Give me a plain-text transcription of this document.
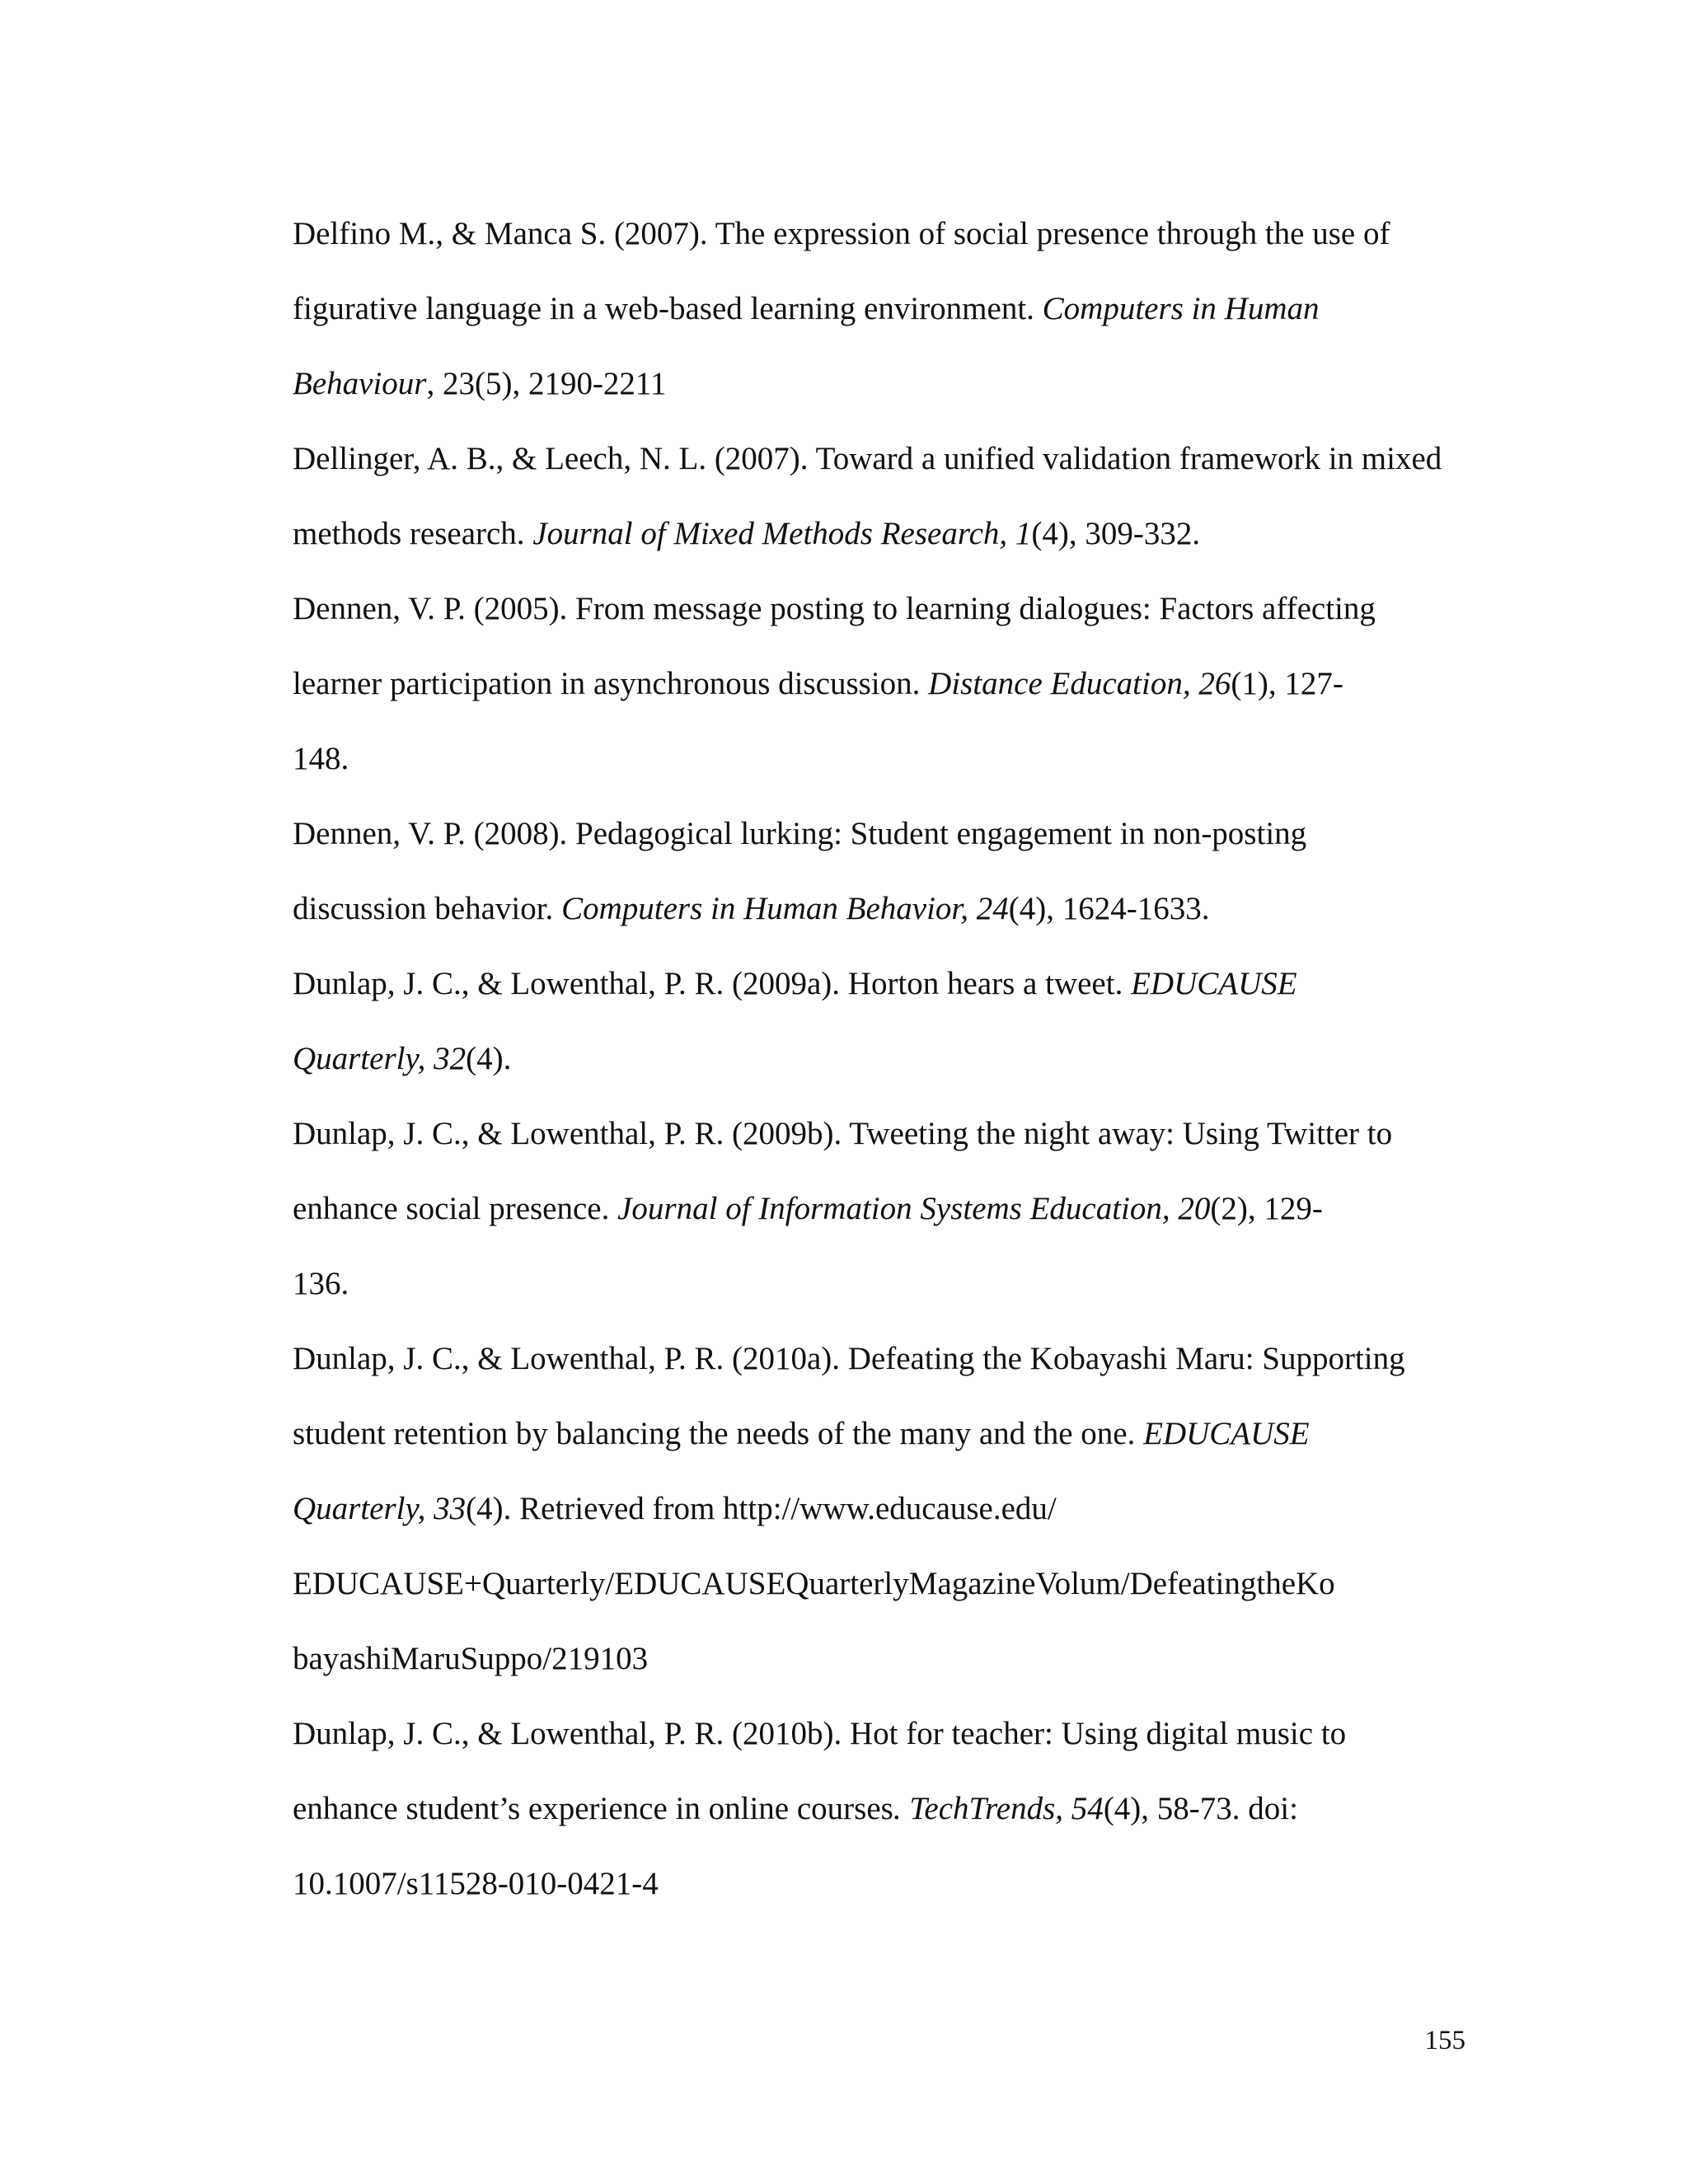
Delfino M., & Manca S. (2007). The expression of social presence through the use of
figurative language in a web-based learning environment. Computers in Human
Behaviour, 23(5), 2190-2211
Dellinger, A. B., & Leech, N. L. (2007). Toward a unified validation framework in mixed
methods research. Journal of Mixed Methods Research, 1(4), 309-332.
Dennen, V. P. (2005). From message posting to learning dialogues: Factors affecting
learner participation in asynchronous discussion. Distance Education, 26(1), 127-
148.
Dennen, V. P. (2008). Pedagogical lurking: Student engagement in non-posting
discussion behavior. Computers in Human Behavior, 24(4), 1624-1633.
Dunlap, J. C., & Lowenthal, P. R. (2009a). Horton hears a tweet. EDUCAUSE
Quarterly, 32(4).
Dunlap, J. C., & Lowenthal, P. R. (2009b). Tweeting the night away: Using Twitter to
enhance social presence. Journal of Information Systems Education, 20(2), 129-
136.
Dunlap, J. C., & Lowenthal, P. R. (2010a). Defeating the Kobayashi Maru: Supporting
student retention by balancing the needs of the many and the one. EDUCAUSE
Quarterly, 33(4). Retrieved from http://www.educause.edu/
EDUCAUSE+Quarterly/EDUCAUSEQuarterlyMagazineVolum/DefeatingtheKo
bayashiMaruSuppo/219103
Dunlap, J. C., & Lowenthal, P. R. (2010b). Hot for teacher: Using digital music to
enhance student’s experience in online courses. TechTrends, 54(4), 58-73. doi:
10.1007/s11528-010-0421-4
155
